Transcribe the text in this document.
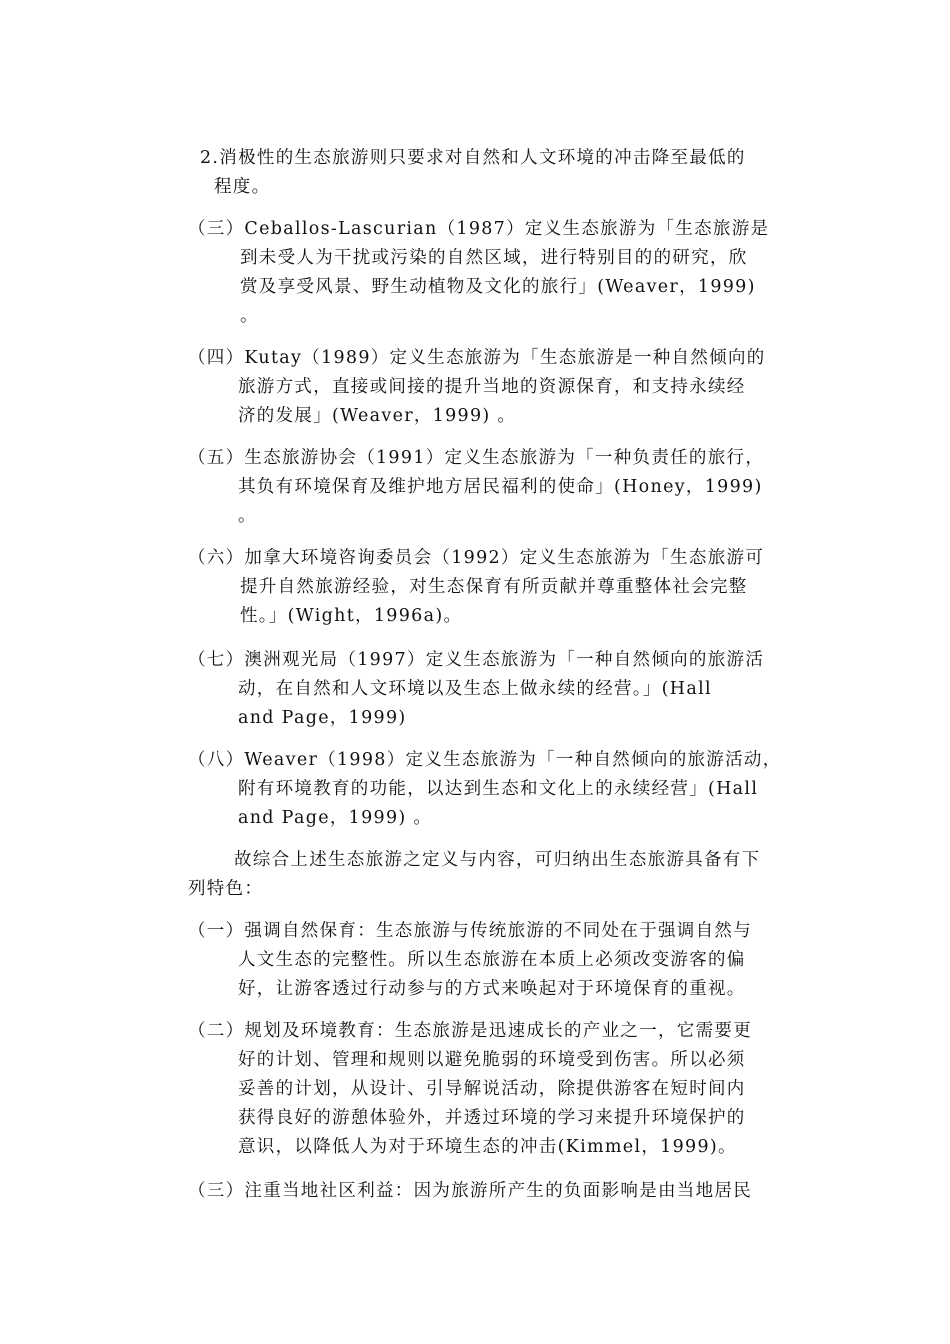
2.消极性的生态旅游则只要求对自然和人文环境的冲击降至最低的
程度。
（三）Ceballos-Lascurian（1987）定义生态旅游为「生态旅游是
到未受人为干扰或污染的自然区域，进行特别目的的研究，欣
赏及享受风景、野生动植物及文化的旅行」(Weaver，1999)
。
（四）Kutay（1989）定义生态旅游为「生态旅游是一种自然倾向的
旅游方式，直接或间接的提升当地的资源保育，和支持永续经
济的发展」(Weaver，1999) 。
（五）生态旅游协会（1991）定义生态旅游为「一种负责任的旅行，
其负有环境保育及维护地方居民福利的使命」(Honey，1999)
。
（六）加拿大环境咨询委员会（1992）定义生态旅游为「生态旅游可
提升自然旅游经验，对生态保育有所贡献并尊重整体社会完整
性。」(Wight，1996a)。
（七）澳洲观光局（1997）定义生态旅游为「一种自然倾向的旅游活
动，在自然和人文环境以及生态上做永续的经营。」(Hall
and Page，1999)
（八）Weaver（1998）定义生态旅游为「一种自然倾向的旅游活动，
附有环境教育的功能，以达到生态和文化上的永续经营」(Hall
and Page，1999) 。
故综合上述生态旅游之定义与内容，可归纳出生态旅游具备有下
列特色：
（一）强调自然保育：生态旅游与传统旅游的不同处在于强调自然与
人文生态的完整性。所以生态旅游在本质上必须改变游客的偏
好，让游客透过行动参与的方式来唤起对于环境保育的重视。
（二）规划及环境教育：生态旅游是迅速成长的产业之一，它需要更
好的计划、管理和规则以避免脆弱的环境受到伤害。所以必须
妥善的计划，从设计、引导解说活动，除提供游客在短时间内
获得良好的游憩体验外，并透过环境的学习来提升环境保护的
意识，以降低人为对于环境生态的冲击(Kimmel，1999)。
（三）注重当地社区利益：因为旅游所产生的负面影响是由当地居民
